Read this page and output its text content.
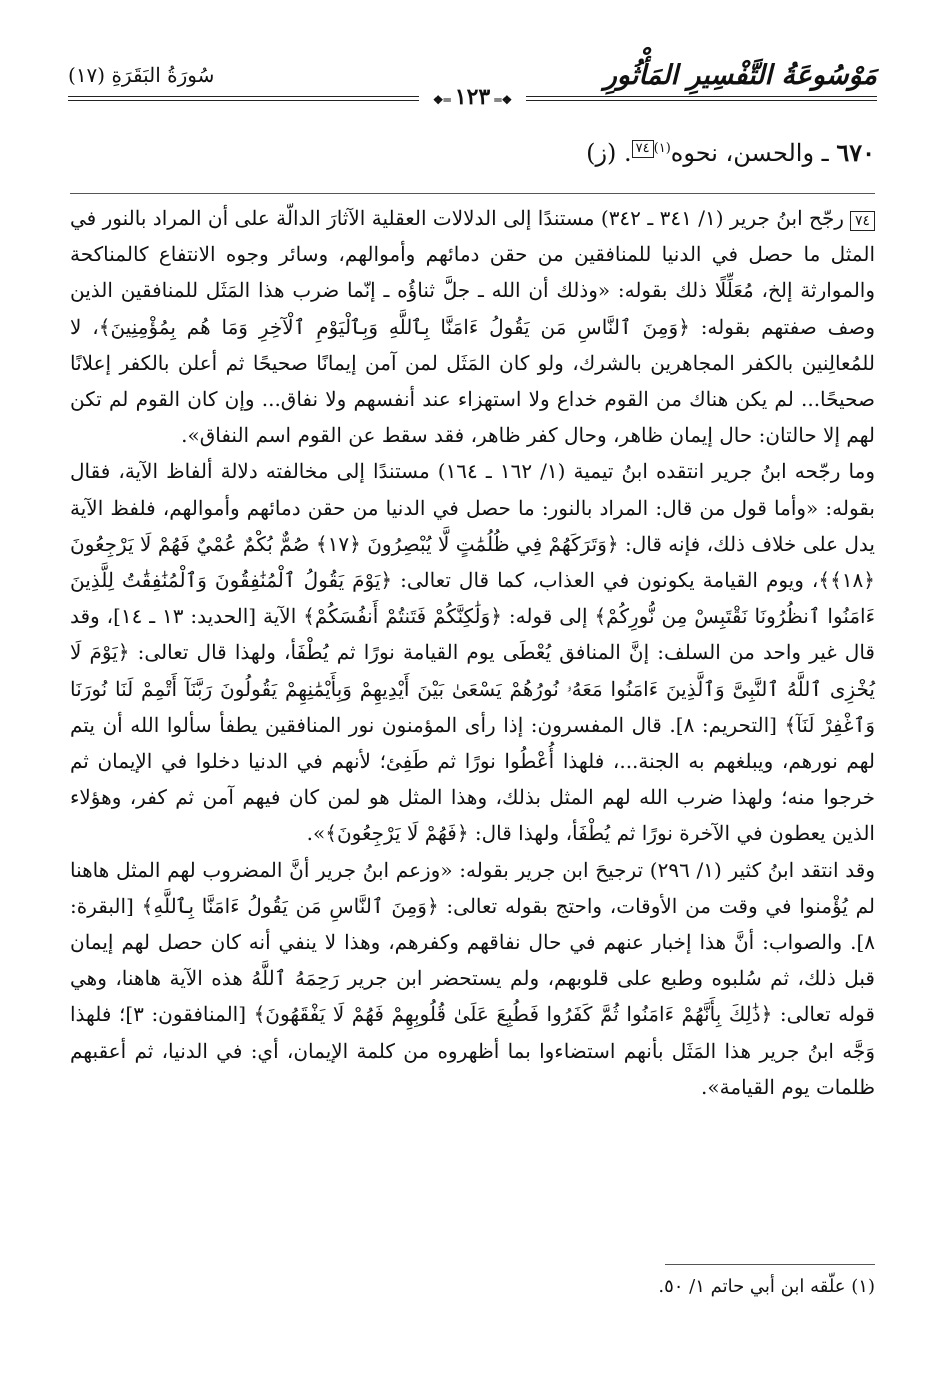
مَوْسُوعَةُ التَّفْسِيرِ المَأْثُورِ
سُورَةُ البَقَرَةِ (١٧)
❖═ ١٢٣ ═❖
٦٧٠ ـ والحسن، نحوه$^{(١)}$٧٤. (ز)

٧٤رجّح ابنُ جرير (١/ ٣٤١ ـ ٣٤٢) مستندًا إلى الدلالات العقلية الآثارَ الدالّة على أن المراد بالنور في المثل ما حصل في الدنيا للمنافقين من حقن دمائهم وأموالهم، وسائر وجوه الانتفاع كالمناكحة والموارثة إلخ، مُعَلِّلًا ذلك بقوله: «وذلك أن الله ـ جلَّ ثناؤُه ـ إنّما ضرب هذا المَثَل للمنافقين الذين وصف صفتهم بقوله: ﴿وَمِنَ ٱلنَّاسِ مَن يَقُولُ ءَامَنَّا بِٱللَّهِ وَبِٱلْيَوْمِ ٱلْآخِرِ وَمَا هُم بِمُؤْمِنِينَ﴾، لا للمُعالِنين بالكفر المجاهرين بالشرك، ولو كان المَثَل لمن آمن إيمانًا صحيحًا ثم أعلن بالكفر إعلانًا صحيحًا... لم يكن هناك من القوم خداع ولا استهزاء عند أنفسهم ولا نفاق... وإن كان القوم لم تكن لهم إلا حالتان: حال إيمان ظاهر، وحال كفر ظاهر، فقد سقط عن القوم اسم النفاق».

وما رجّحه ابنُ جرير انتقده ابنُ تيمية (١/ ١٦٢ ـ ١٦٤) مستندًا إلى مخالفته دلالة ألفاظ الآية، فقال بقوله: «وأما قول من قال: المراد بالنور: ما حصل في الدنيا من حقن دمائهم وأموالهم، فلفظ الآية يدل على خلاف ذلك، فإنه قال: ﴿وَتَرَكَهُمْ فِي ظُلُمَٰتٍ لَّا يُبْصِرُونَ ﴿١٧﴾ صُمٌّ بُكْمٌ عُمْيٌ فَهُمْ لَا يَرْجِعُونَ ﴿١٨﴾﴾، ويوم القيامة يكونون في العذاب، كما قال تعالى: ﴿يَوْمَ يَقُولُ ٱلْمُنَٰفِقُونَ وَٱلْمُنَٰفِقَٰتُ لِلَّذِينَ ءَامَنُوا ٱنظُرُونَا نَقْتَبِسْ مِن نُّورِكُمْ﴾ إلى قوله: ﴿وَلَٰكِنَّكُمْ فَتَنتُمْ أَنفُسَكُمْ﴾ الآية [الحديد: ١٣ ـ ١٤]، وقد قال غير واحد من السلف: إنَّ المنافق يُعْطَى يوم القيامة نورًا ثم يُطْفَأ، ولهذا قال تعالى: ﴿يَوْمَ لَا يُخْزِى ٱللَّهُ ٱلنَّبِىَّ وَٱلَّذِينَ ءَامَنُوا مَعَهُۥ نُورُهُمْ يَسْعَىٰ بَيْنَ أَيْدِيهِمْ وَبِأَيْمَٰنِهِمْ يَقُولُونَ رَبَّنَآ أَتْمِمْ لَنَا نُورَنَا وَٱغْفِرْ لَنَآ﴾ [التحريم: ٨]. قال المفسرون: إذا رأى المؤمنون نور المنافقين يطفأ سألوا الله أن يتم لهم نورهم، ويبلغهم به الجنة...، فلهذا أُعْطُوا نورًا ثم طَفِئ؛ لأنهم في الدنيا دخلوا في الإيمان ثم خرجوا منه؛ ولهذا ضرب الله لهم المثل بذلك، وهذا المثل هو لمن كان فيهم آمن ثم كفر، وهؤلاء الذين يعطون في الآخرة نورًا ثم يُطْفَأ، ولهذا قال: ﴿فَهُمْ لَا يَرْجِعُونَ﴾».

وقد انتقد ابنُ كثير (١/ ٢٩٦) ترجيحَ ابن جرير بقوله: «وزعم ابنُ جرير أنَّ المضروب لهم المثل هاهنا لم يُؤْمنوا في وقت من الأوقات، واحتج بقوله تعالى: ﴿وَمِنَ ٱلنَّاسِ مَن يَقُولُ ءَامَنَّا بِٱللَّهِ﴾ [البقرة: ٨]. والصواب: أنَّ هذا إخبار عنهم في حال نفاقهم وكفرهم، وهذا لا ينفي أنه كان حصل لهم إيمان قبل ذلك، ثم سُلبوه وطبع على قلوبهم، ولم يستحضر ابن جرير رَحِمَهُ ٱللَّهُ هذه الآية هاهنا، وهي قوله تعالى: ﴿ذَٰلِكَ بِأَنَّهُمْ ءَامَنُوا ثُمَّ كَفَرُوا فَطُبِعَ عَلَىٰ قُلُوبِهِمْ فَهُمْ لَا يَفْقَهُونَ﴾ [المنافقون: ٣]؛ فلهذا وَجَّه ابنُ جرير هذا المَثَل بأنهم استضاءوا بما أظهروه من كلمة الإيمان، أي: في الدنيا، ثم أعقبهم ظلمات يوم القيامة».

(١) علّقه ابن أبي حاتم ١/ ٥٠.
